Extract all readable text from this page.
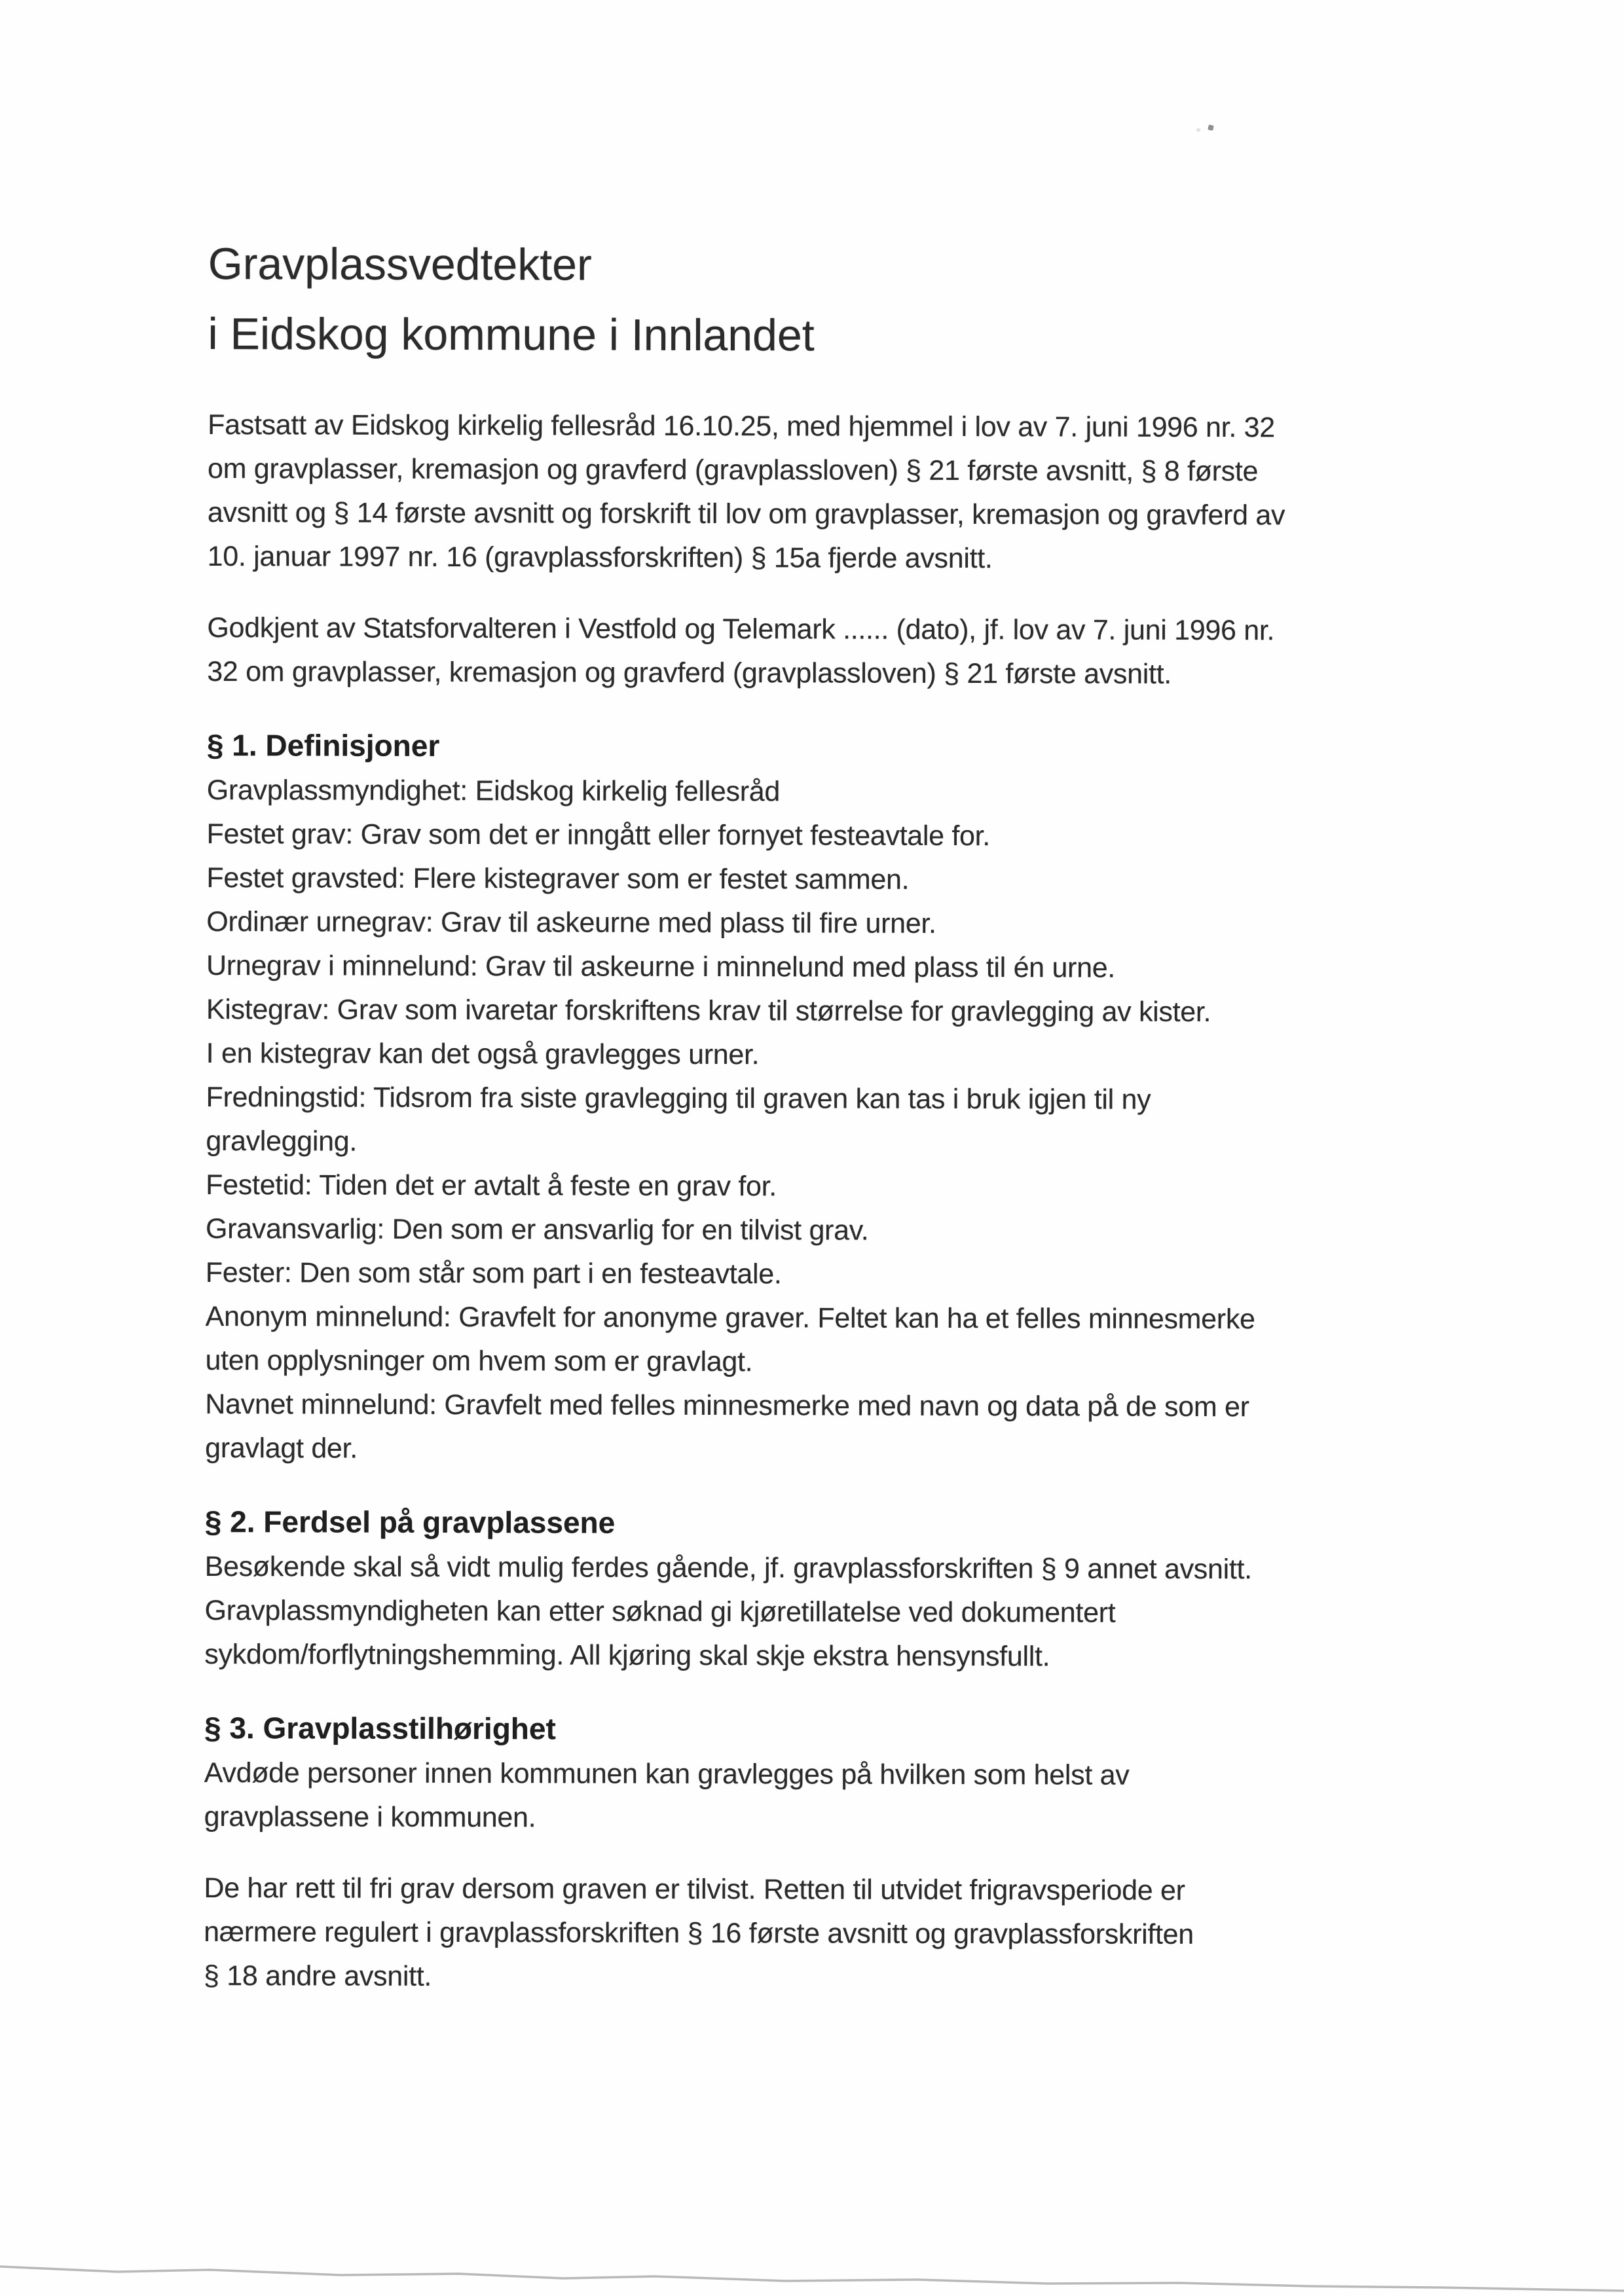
Gravplassvedtekter
i Eidskog kommune i Innlandet

Fastsatt av Eidskog kirkelig fellesråd 16.10.25, med hjemmel i lov av 7. juni 1996 nr. 32
om gravplasser, kremasjon og gravferd (gravplassloven) § 21 første avsnitt, § 8 første
avsnitt og § 14 første avsnitt og forskrift til lov om gravplasser, kremasjon og gravferd av
10. januar 1997 nr. 16 (gravplassforskriften) § 15a fjerde avsnitt.

Godkjent av Statsforvalteren i Vestfold og Telemark ...... (dato), jf. lov av 7. juni 1996 nr.
32 om gravplasser, kremasjon og gravferd (gravplassloven) § 21 første avsnitt.

§ 1. Definisjoner

Gravplassmyndighet: Eidskog kirkelig fellesråd
Festet grav: Grav som det er inngått eller fornyet festeavtale for.
Festet gravsted: Flere kistegraver som er festet sammen.
Ordinær urnegrav: Grav til askeurne med plass til fire urner.
Urnegrav i minnelund: Grav til askeurne i minnelund med plass til én urne.
Kistegrav: Grav som ivaretar forskriftens krav til størrelse for gravlegging av kister.
I en kistegrav kan det også gravlegges urner.
Fredningstid: Tidsrom fra siste gravlegging til graven kan tas i bruk igjen til ny
gravlegging.
Festetid: Tiden det er avtalt å feste en grav for.
Gravansvarlig: Den som er ansvarlig for en tilvist grav.
Fester: Den som står som part i en festeavtale.
Anonym minnelund: Gravfelt for anonyme graver. Feltet kan ha et felles minnesmerke
uten opplysninger om hvem som er gravlagt.
Navnet minnelund: Gravfelt med felles minnesmerke med navn og data på de som er
gravlagt der.

§ 2. Ferdsel på gravplassene

Besøkende skal så vidt mulig ferdes gående, jf. gravplassforskriften § 9 annet avsnitt.
Gravplassmyndigheten kan etter søknad gi kjøretillatelse ved dokumentert
sykdom/forflytningshemming. All kjøring skal skje ekstra hensynsfullt.

§ 3. Gravplasstilhørighet

Avdøde personer innen kommunen kan gravlegges på hvilken som helst av
gravplassene i kommunen.

De har rett til fri grav dersom graven er tilvist. Retten til utvidet frigravsperiode er
nærmere regulert i gravplassforskriften § 16 første avsnitt og gravplassforskriften
§ 18 andre avsnitt.
